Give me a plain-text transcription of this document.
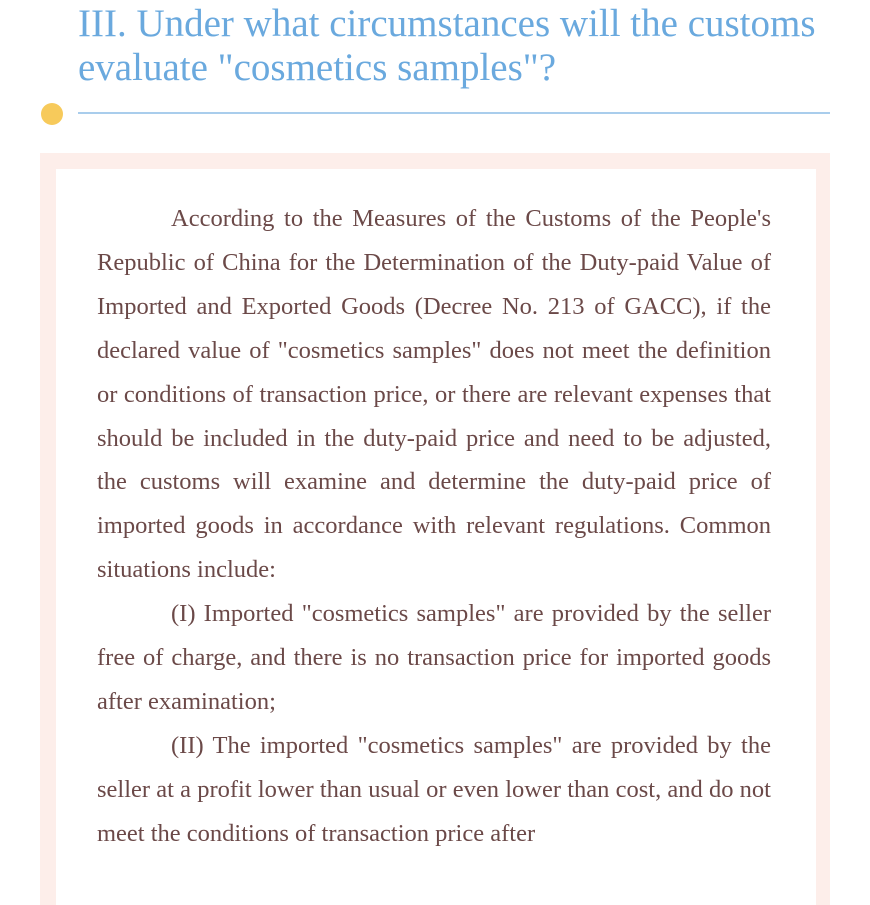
III. Under what circumstances will the customs evaluate "cosmetics samples"?

According to the Measures of the Customs of the People's Republic of China for the Determination of the Duty-paid Value of Imported and Exported Goods (Decree No. 213 of GACC), if the declared value of "cosmetics samples" does not meet the definition or conditions of transaction price, or there are relevant expenses that should be included in the duty-paid price and need to be adjusted, the customs will examine and determine the duty-paid price of imported goods in accordance with relevant regulations. Common situations include:

(I) Imported "cosmetics samples" are provided by the seller free of charge, and there is no transaction price for imported goods after examination;

(II) The imported "cosmetics samples" are provided by the seller at a profit lower than usual or even lower than cost, and do not meet the conditions of transaction price after
